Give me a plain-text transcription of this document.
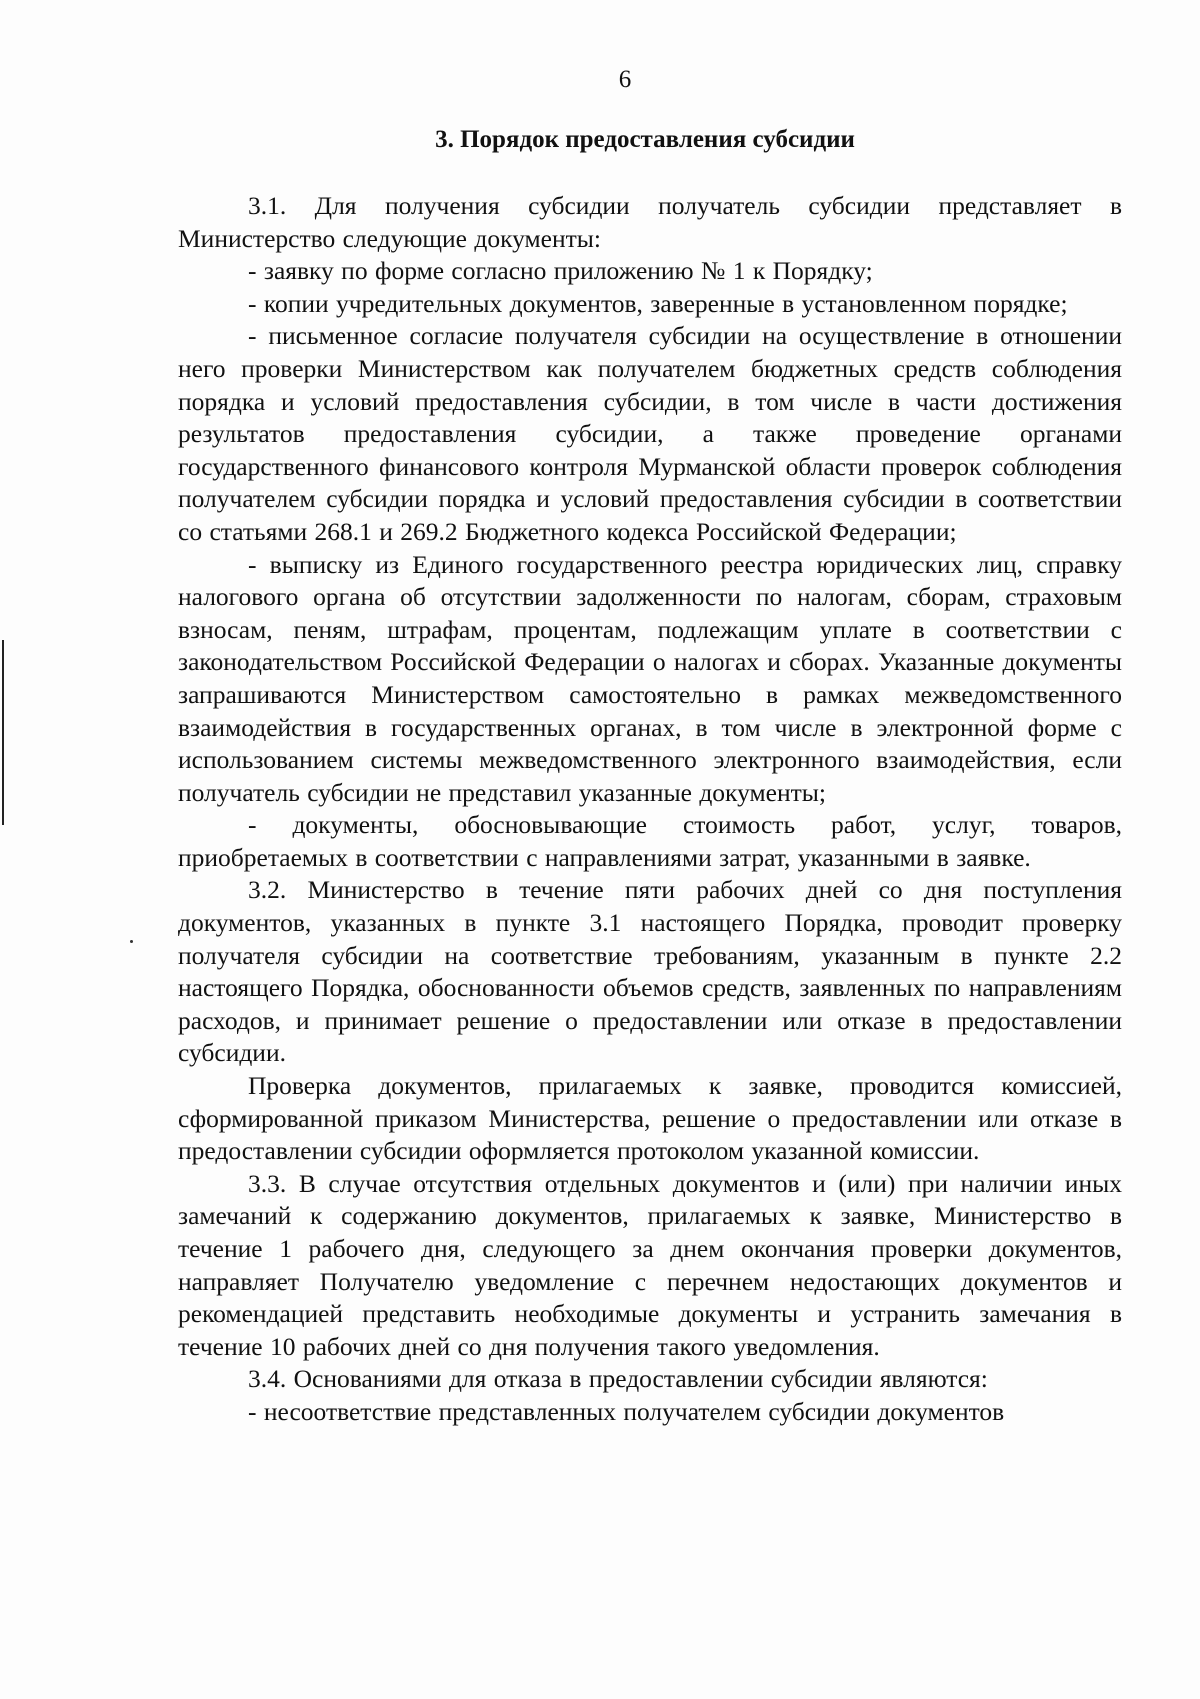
6
3. Порядок предоставления субсидии

3.1. Для получения субсидии получатель субсидии представляет в Министерство следующие документы:

- заявку по форме согласно приложению № 1 к Порядку;

- копии учредительных документов, заверенные в установленном порядке;

- письменное согласие получателя субсидии на осуществление в отношении него проверки Министерством как получателем бюджетных средств соблюдения порядка и условий предоставления субсидии, в том числе в части достижения результатов предоставления субсидии, а также проведение органами государственного финансового контроля Мурманской области проверок соблюдения получателем субсидии порядка и условий предоставления субсидии в соответствии со статьями 268.1 и 269.2 Бюджетного кодекса Российской Федерации;

- выписку из Единого государственного реестра юридических лиц, справку налогового органа об отсутствии задолженности по налогам, сборам, страховым взносам, пеням, штрафам, процентам, подлежащим уплате в соответствии с законодательством Российской Федерации о налогах и сборах. Указанные документы запрашиваются Министерством самостоятельно в рамках межведомственного взаимодействия в государственных органах, в том числе в электронной форме с использованием системы межведомственного электронного взаимодействия, если получатель субсидии не представил указанные документы;

- документы, обосновывающие стоимость работ, услуг, товаров, приобретаемых в соответствии с направлениями затрат, указанными в заявке.

3.2. Министерство в течение пяти рабочих дней со дня поступления документов, указанных в пункте 3.1 настоящего Порядка, проводит проверку получателя субсидии на соответствие требованиям, указанным в пункте 2.2 настоящего Порядка, обоснованности объемов средств, заявленных по направлениям расходов, и принимает решение о предоставлении или отказе в предоставлении субсидии.

Проверка документов, прилагаемых к заявке, проводится комиссией, сформированной приказом Министерства, решение о предоставлении или отказе в предоставлении субсидии оформляется протоколом указанной комиссии.

3.3. В случае отсутствия отдельных документов и (или) при наличии иных замечаний к содержанию документов, прилагаемых к заявке, Министерство в течение 1 рабочего дня, следующего за днем окончания проверки документов, направляет Получателю уведомление с перечнем недостающих документов и рекомендацией представить необходимые документы и устранить замечания в течение 10 рабочих дней со дня получения такого уведомления.

3.4. Основаниями для отказа в предоставлении субсидии являются:

- несоответствие представленных получателем субсидии документов
